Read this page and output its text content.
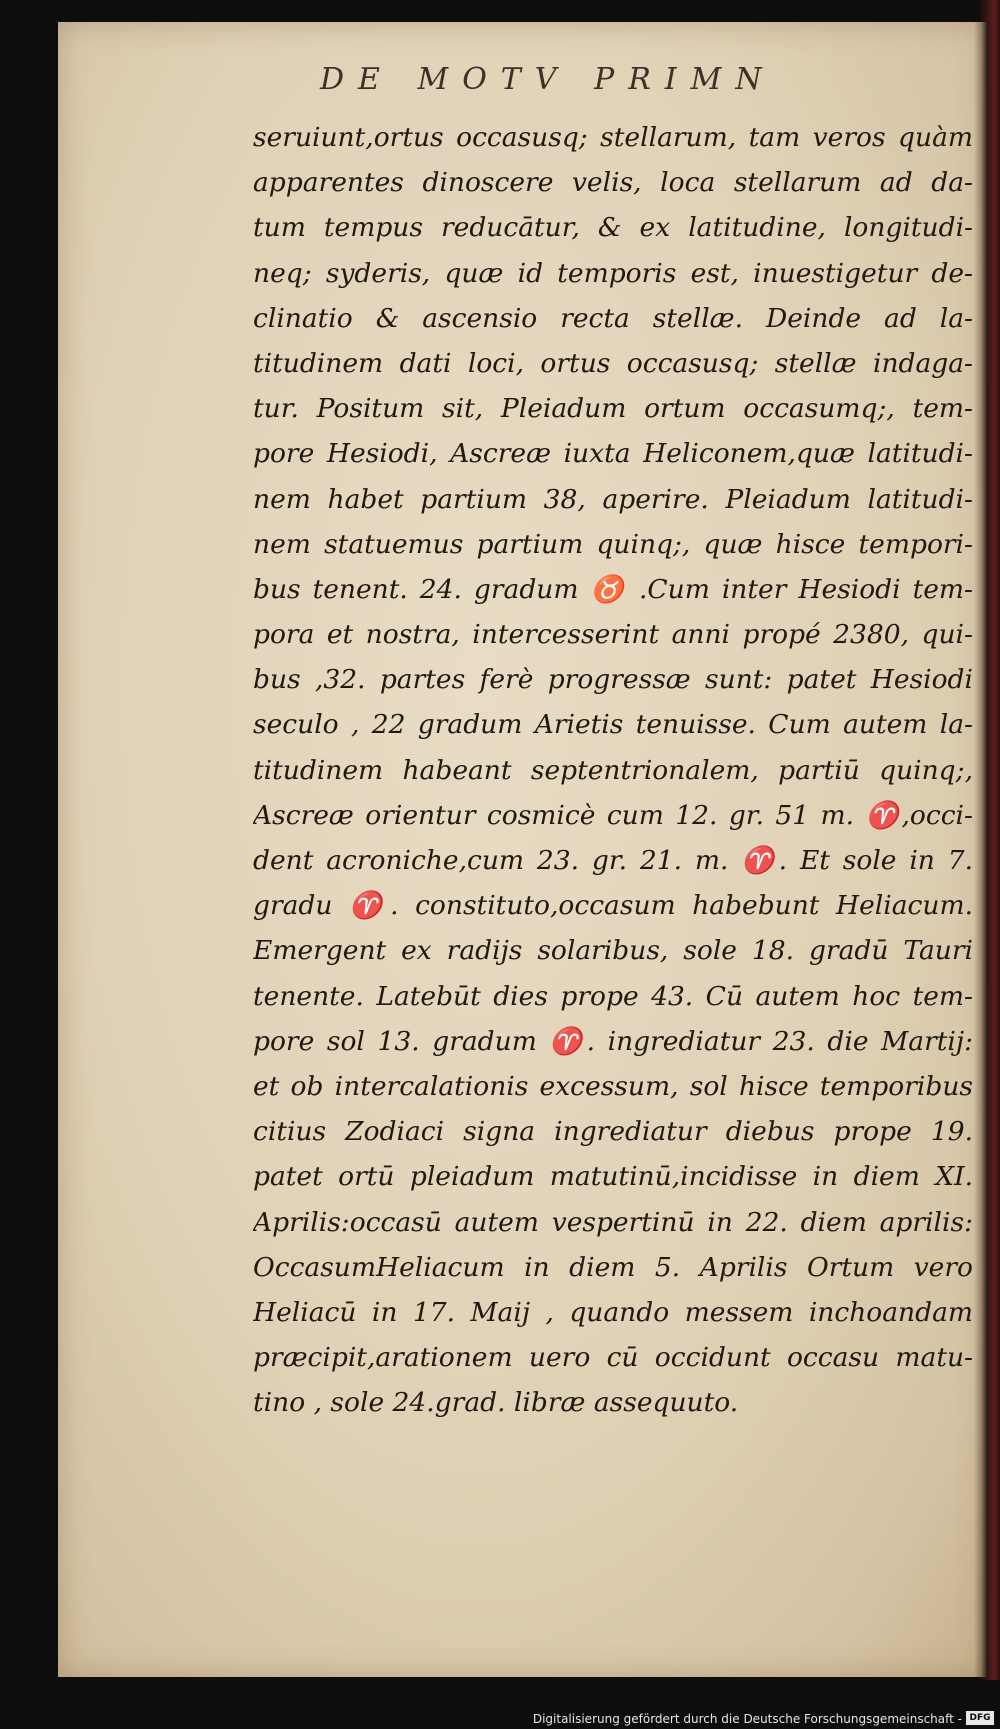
DE MOTV PRIMN
seruiunt,ortus occasusq; stellarum, tam veros quàm
apparentes dinoscere velis, loca stellarum ad da-
tum tempus reducātur, & ex latitudine, longitudi-
neq; syderis, quæ id temporis est, inuestigetur de-
clinatio & ascensio recta stellæ. Deinde ad la-
titudinem dati loci, ortus occasusq; stellæ indaga-
tur. Positum sit, Pleiadum ortum occasumq;, tem-
pore Hesiodi, Ascreæ iuxta Heliconem,quæ latitudi-
nem habet partium 38, aperire. Pleiadum latitudi-
nem statuemus partium quinq;, quæ hisce tempori-
bus tenent. 24. gradum ♉ .Cum inter Hesiodi tem-
pora et nostra, intercesserint anni propé 2380, qui-
bus ,32. partes ferè progressæ sunt: patet Hesiodi
seculo , 22 gradum Arietis tenuisse. Cum autem la-
titudinem habeant septentrionalem, partiū quinq;,
Ascreæ orientur cosmicè cum 12. gr. 51 m. ♈,occi-
dent acroniche,cum 23. gr. 21. m. ♈. Et sole in 7.
gradu ♈. constituto,occasum habebunt Heliacum.
Emergent ex radijs solaribus, sole 18. gradū Tauri
tenente. Latebūt dies prope 43. Cū autem hoc tem-
pore sol 13. gradum ♈. ingrediatur 23. die Martij:
et ob intercalationis excessum, sol hisce temporibus
citius Zodiaci signa ingrediatur diebus prope 19.
patet ortū pleiadum matutinū,incidisse in diem XI.
Aprilis:occasū autem vespertinū in 22. diem aprilis:
OccasumHeliacum in diem 5. Aprilis Ortum vero
Heliacū in 17. Maij , quando messem inchoandam
præcipit,arationem uero cū occidunt occasu matu-
tino , sole 24.grad. libræ assequuto.
Digitalisierung gefördert durch die Deutsche Forschungsgemeinschaft - DFG
